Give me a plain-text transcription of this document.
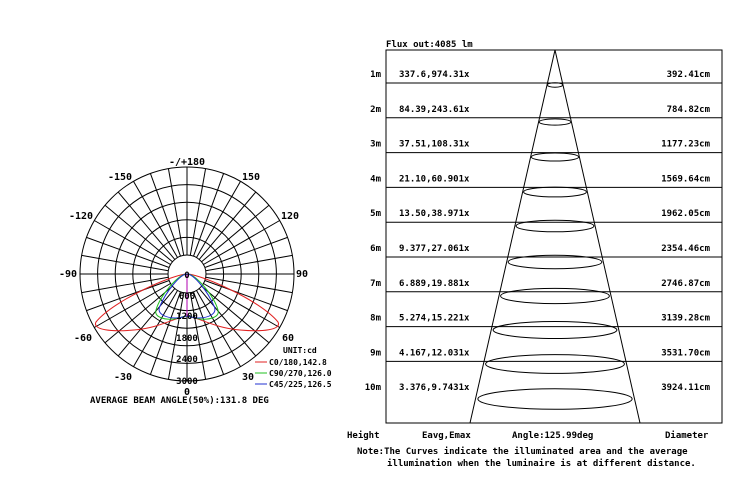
-/+180
-150	150
-120	120
-90	90
-60	60
-30	30
0
0
600
1200
1800
2400
3000
UNIT:cd
C0/180,142.8
C90/270,126.0
C45/225,126.5
AVERAGE BEAM ANGLE(50%):131.8 DEG
Flux out:4085 lm
1m 337.6,974.31x	392.41cm
2m 84.39,243.61x	784.82cm
3m 37.51,108.31x	1177.23cm
4m 21.10,60.901x	1569.64cm
5m 13.50,38.971x	1962.05cm
6m 9.377,27.061x	2354.46cm
7m 6.889,19.881x	2746.87cm
8m 5.274,15.221x	3139.28cm
9m 4.167,12.031x	3531.70cm
10m 3.376,9.7431x	3924.11cm
Height	Eavg,Emax	Angle:125.99deg	Diameter
Note:The Curves indicate the illuminated area and the average
illumination when the luminaire is at different distance.
